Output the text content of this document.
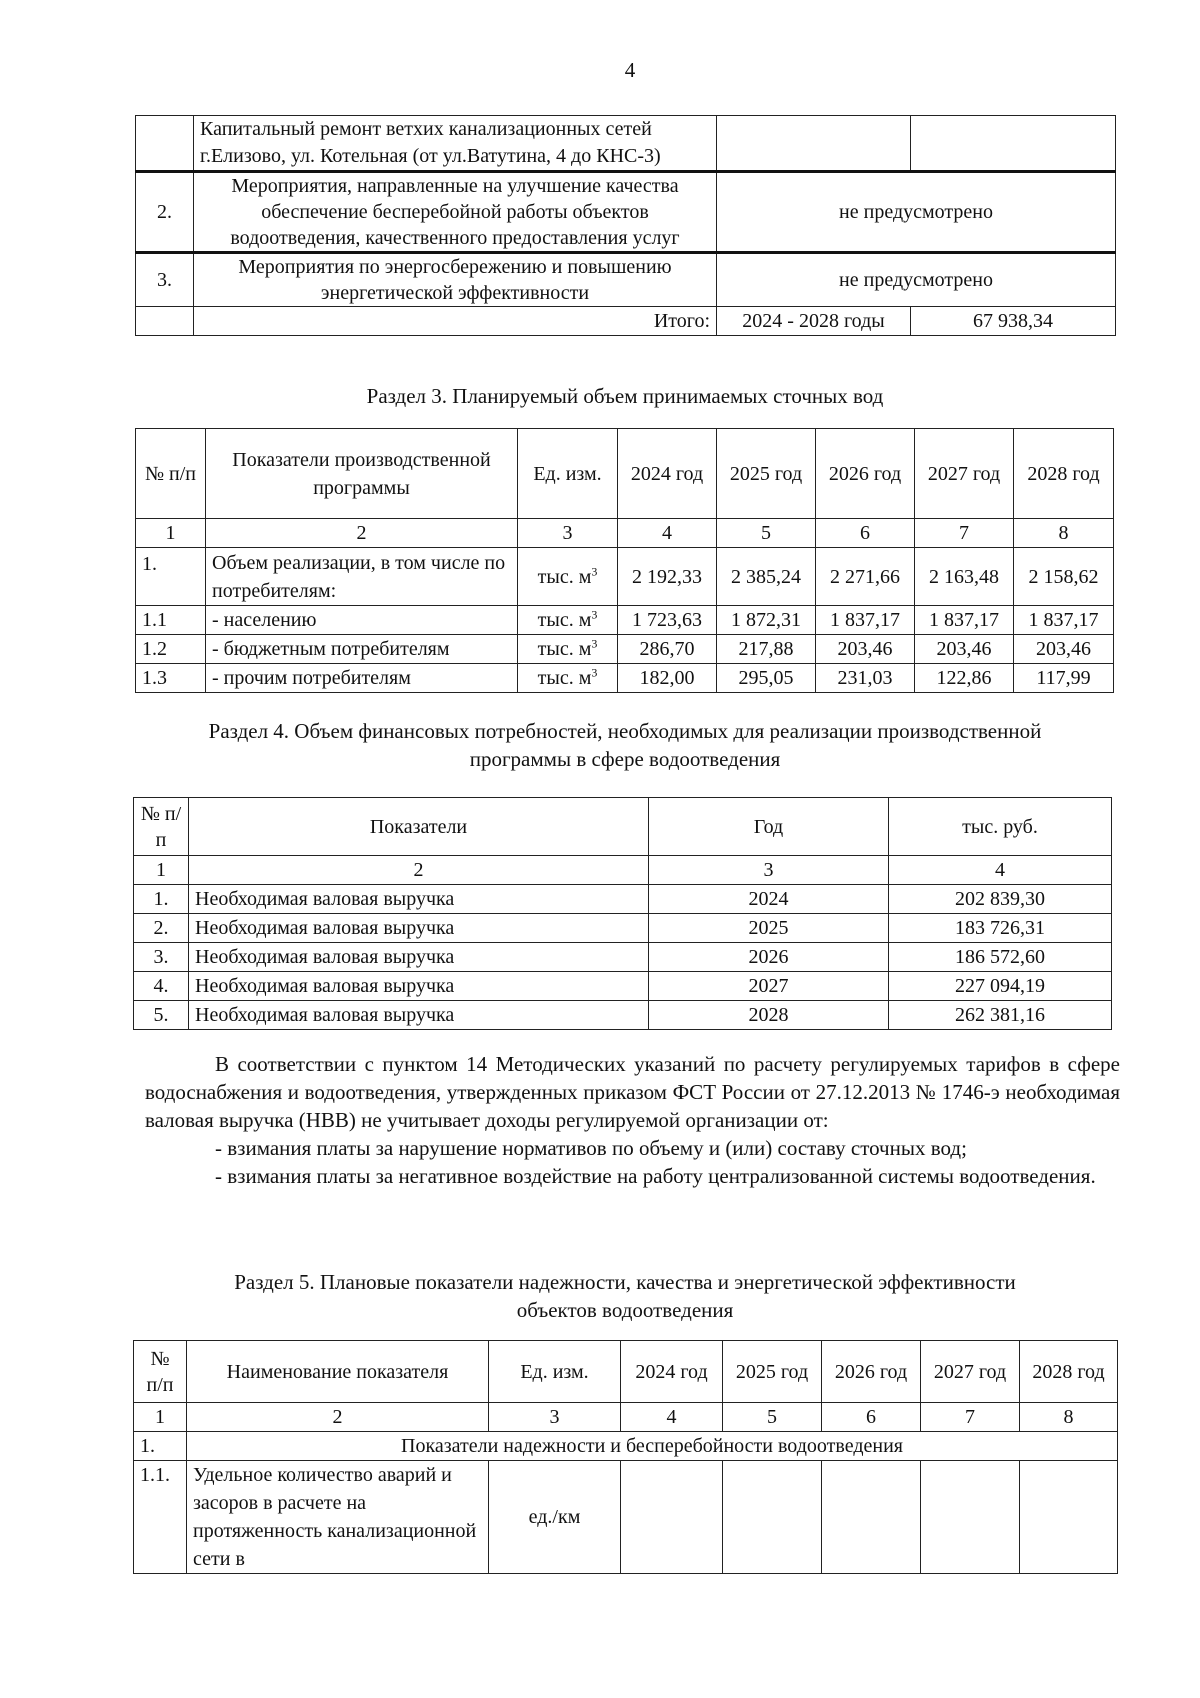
4
	Капитальный ремонт ветхих канализационных сетей г.Елизово, ул. Котельная (от ул.Ватутина, 4 до КНС-3)		
2.	Мероприятия, направленные на улучшение качества обеспечение бесперебойной работы объектов водоотведения, качественного предоставления услуг	не предусмотрено	
3.	Мероприятия по энергосбережению и повышению энергетической эффективности	не предусмотрено	
	Итого:	2024 - 2028 годы	67 938,34
Раздел 3. Планируемый объем принимаемых сточных вод
№ п/п	Показатели производственной программы	Ед. изм.	2024 год	2025 год	2026 год	2027 год	2028 год
1	2	3	4	5	6	7	8
1.	Объем реализации, в том числе по потребителям:	тыс. $м^3$	2 192,33	2 385,24	2 271,66	2 163,48	2 158,62
1.1	- населению	тыс. $м^3$	1 723,63	1 872,31	1 837,17	1 837,17	1 837,17
1.2	- бюджетным потребителям	тыс. $м^3$	286,70	217,88	203,46	203,46	203,46
1.3	- прочим потребителям	тыс. $м^3$	182,00	295,05	231,03	122,86	117,99
Раздел 4. Объем финансовых потребностей, необходимых для реализации производственной
программы в сфере водоотведения
№ п/п	Показатели	Год	тыс. руб.
1	2	3	4
1.	Необходимая валовая выручка	2024	202 839,30
2.	Необходимая валовая выручка	2025	183 726,31
3.	Необходимая валовая выручка	2026	186 572,60
4.	Необходимая валовая выручка	2027	227 094,19
5.	Необходимая валовая выручка	2028	262 381,16

В соответствии с пунктом 14 Методических указаний по расчету регулируемых тарифов в сфере водоснабжения и водоотведения, утвержденных приказом ФСТ России от 27.12.2013 № 1746-э необходимая валовая выручка (НВВ) не учитывает доходы регулируемой организации от:

- взимания платы за нарушение нормативов по объему и (или) составу сточных вод;

- взимания платы за негативное воздействие на работу централизованной системы водоотведения.

Раздел 5. Плановые показатели надежности, качества и энергетической эффективности
объектов водоотведения
№ п/п	Наименование показателя	Ед. изм.	2024 год	2025 год	2026 год	2027 год	2028 год
1	2	3	4	5	6	7	8
1.	Показатели надежности и бесперебойности водоотведения						
1.1.	Удельное количество аварий и засоров в расчете на протяженность канализационной сети в	ед./км					
